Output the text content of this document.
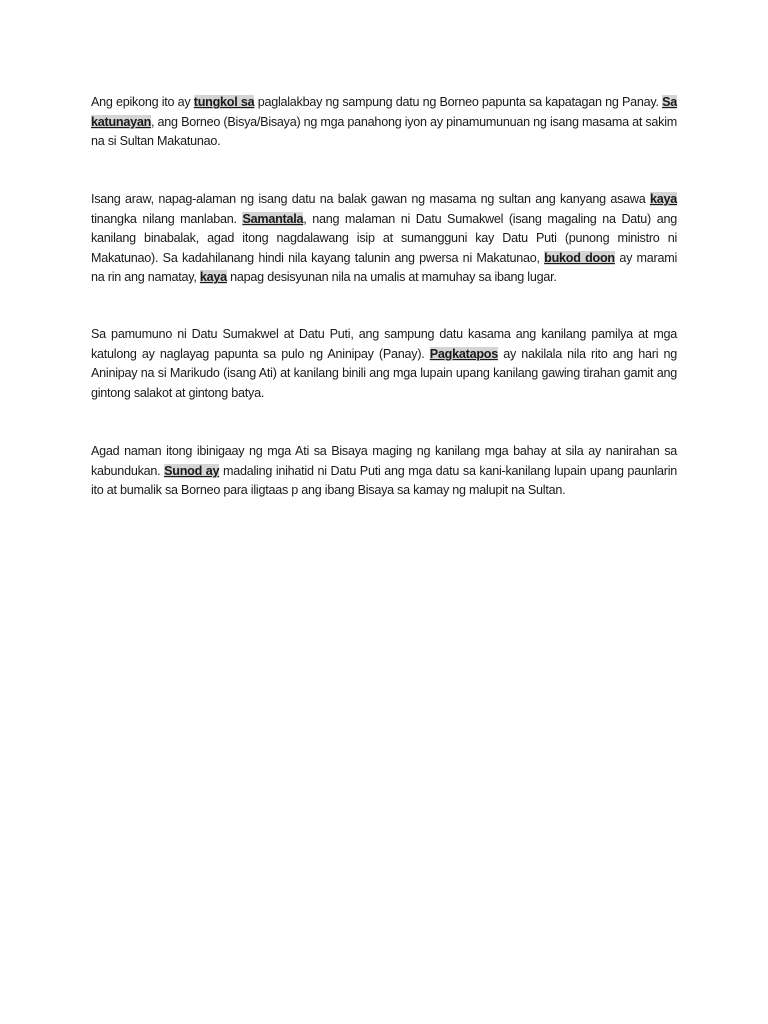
Ang epikong ito ay tungkol sa paglalakbay ng sampung datu ng Borneo papunta sa kapatagan ng Panay. Sa katunayan, ang Borneo (Bisya/Bisaya) ng mga panahong iyon ay pinamumunuan ng isang masama at sakim na si Sultan Makatunao.

Isang araw, napag-alaman ng isang datu na balak gawan ng masama ng sultan ang kanyang asawa kaya tinangka nilang manlaban. Samantala, nang malaman ni Datu Sumakwel (isang magaling na Datu) ang kanilang binabalak, agad itong nagdalawang isip at sumangguni kay Datu Puti (punong ministro ni Makatunao). Sa kadahilanang hindi nila kayang talunin ang pwersa ni Makatunao, bukod doon ay marami na rin ang namatay, kaya napag desisyunan nila na umalis at mamuhay sa ibang lugar.

Sa pamumuno ni Datu Sumakwel at Datu Puti, ang sampung datu kasama ang kanilang pamilya at mga katulong ay naglayag papunta sa pulo ng Aninipay (Panay). Pagkatapos ay nakilala nila rito ang hari ng Aninipay na si Marikudo (isang Ati) at kanilang binili ang mga lupain upang kanilang gawing tirahan gamit ang gintong salakot at gintong batya.

Agad naman itong ibinigaay ng mga Ati sa Bisaya maging ng kanilang mga bahay at sila ay nanirahan sa kabundukan. Sunod ay madaling inihatid ni Datu Puti ang mga datu sa kani-kanilang lupain upang paunlarin ito at bumalik sa Borneo para iligtaas p ang ibang Bisaya sa kamay ng malupit na Sultan.
